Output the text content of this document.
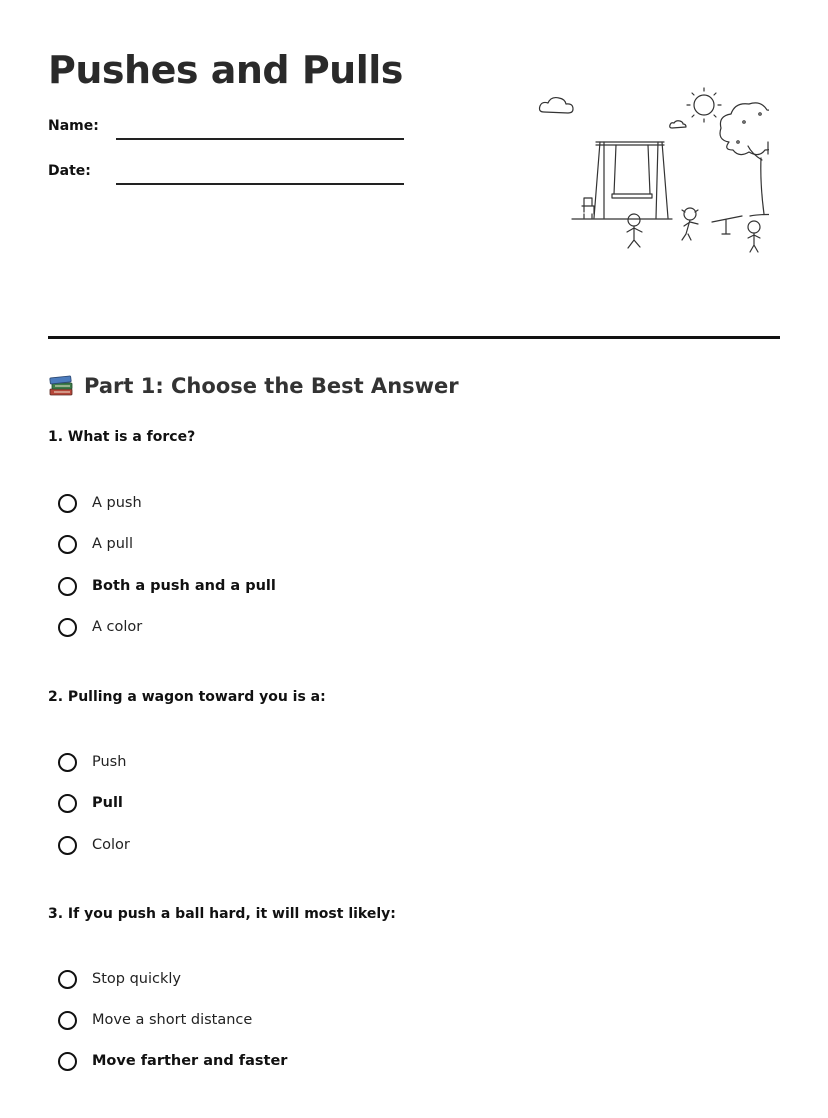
Pushes and Pulls
Name:
Date:
Part 1: Choose the Best Answer
1. What is a force?
A push
A pull
Both a push and a pull
A color
2. Pulling a wagon toward you is a:
Push
Pull
Color
3. If you push a ball hard, it will most likely:
Stop quickly
Move a short distance
Move farther and faster
